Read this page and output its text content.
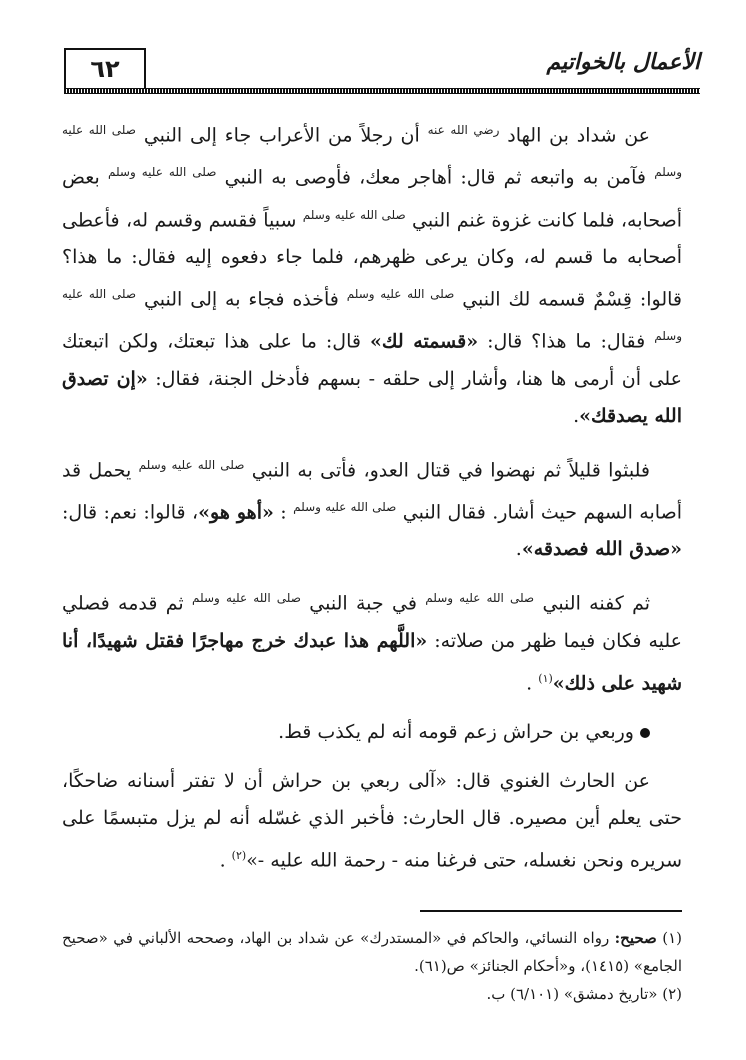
٦٢	الأعمال بالخواتيم

عن شداد بن الهاد $^{رضي الله عنه}$ أن رجلاً من الأعراب جاء إلى النبي $^{صلى الله عليه وسلم}$ فآمن به واتبعه ثم قال: أهاجر معك، فأوصى به النبي $^{صلى الله عليه وسلم}$ بعض أصحابه، فلما كانت غزوة غنم النبي $^{صلى الله عليه وسلم}$ سبياً فقسم وقسم له، فأعطى أصحابه ما قسم له، وكان يرعى ظهرهم، فلما جاء دفعوه إليه فقال: ما هذا؟ قالوا: قِسْمٌ قسمه لك النبي $^{صلى الله عليه وسلم}$ فأخذه فجاء به إلى النبي $^{صلى الله عليه وسلم}$ فقال: ما هذا؟ قال: «قسمته لك» قال: ما على هذا تبعتك، ولكن اتبعتك على أن أرمى ها هنا، وأشار إلى حلقه - بسهم فأدخل الجنة، فقال: «إن تصدق الله يصدقك».

فلبثوا قليلاً ثم نهضوا في قتال العدو، فأتى به النبي $^{صلى الله عليه وسلم}$ يحمل قد أصابه السهم حيث أشار. فقال النبي $^{صلى الله عليه وسلم}$ : «أهو هو»، قالوا: نعم: قال: «صدق الله فصدقه».

ثم كفنه النبي $^{صلى الله عليه وسلم}$ في جبة النبي $^{صلى الله عليه وسلم}$ ثم قدمه فصلي عليه فكان فيما ظهر من صلاته: «اللَّهم هذا عبدك خرج مهاجرًا فقتل شهيدًا، أنا شهيد على ذلك»$^{(١)}$ .

وربعي بن حراش زعم قومه أنه لم يكذب قط.

عن الحارث الغنوي قال: «آلى ربعي بن حراش أن لا تفتر أسنانه ضاحكًا، حتى يعلم أين مصيره. قال الحارث: فأخبر الذي غسّله أنه لم يزل متبسمًا على سريره ونحن نغسله، حتى فرغنا منه - رحمة الله عليه -»$^{(٢)}$ .

(١) صحيح: رواه النسائي، والحاكم في «المستدرك» عن شداد بن الهاد، وصححه الألباني في «صحيح الجامع» (١٤١٥)، و«أحكام الجنائز» ص(٦١).

(٢) «تاريخ دمشق» (٦/١٠١) ب.
